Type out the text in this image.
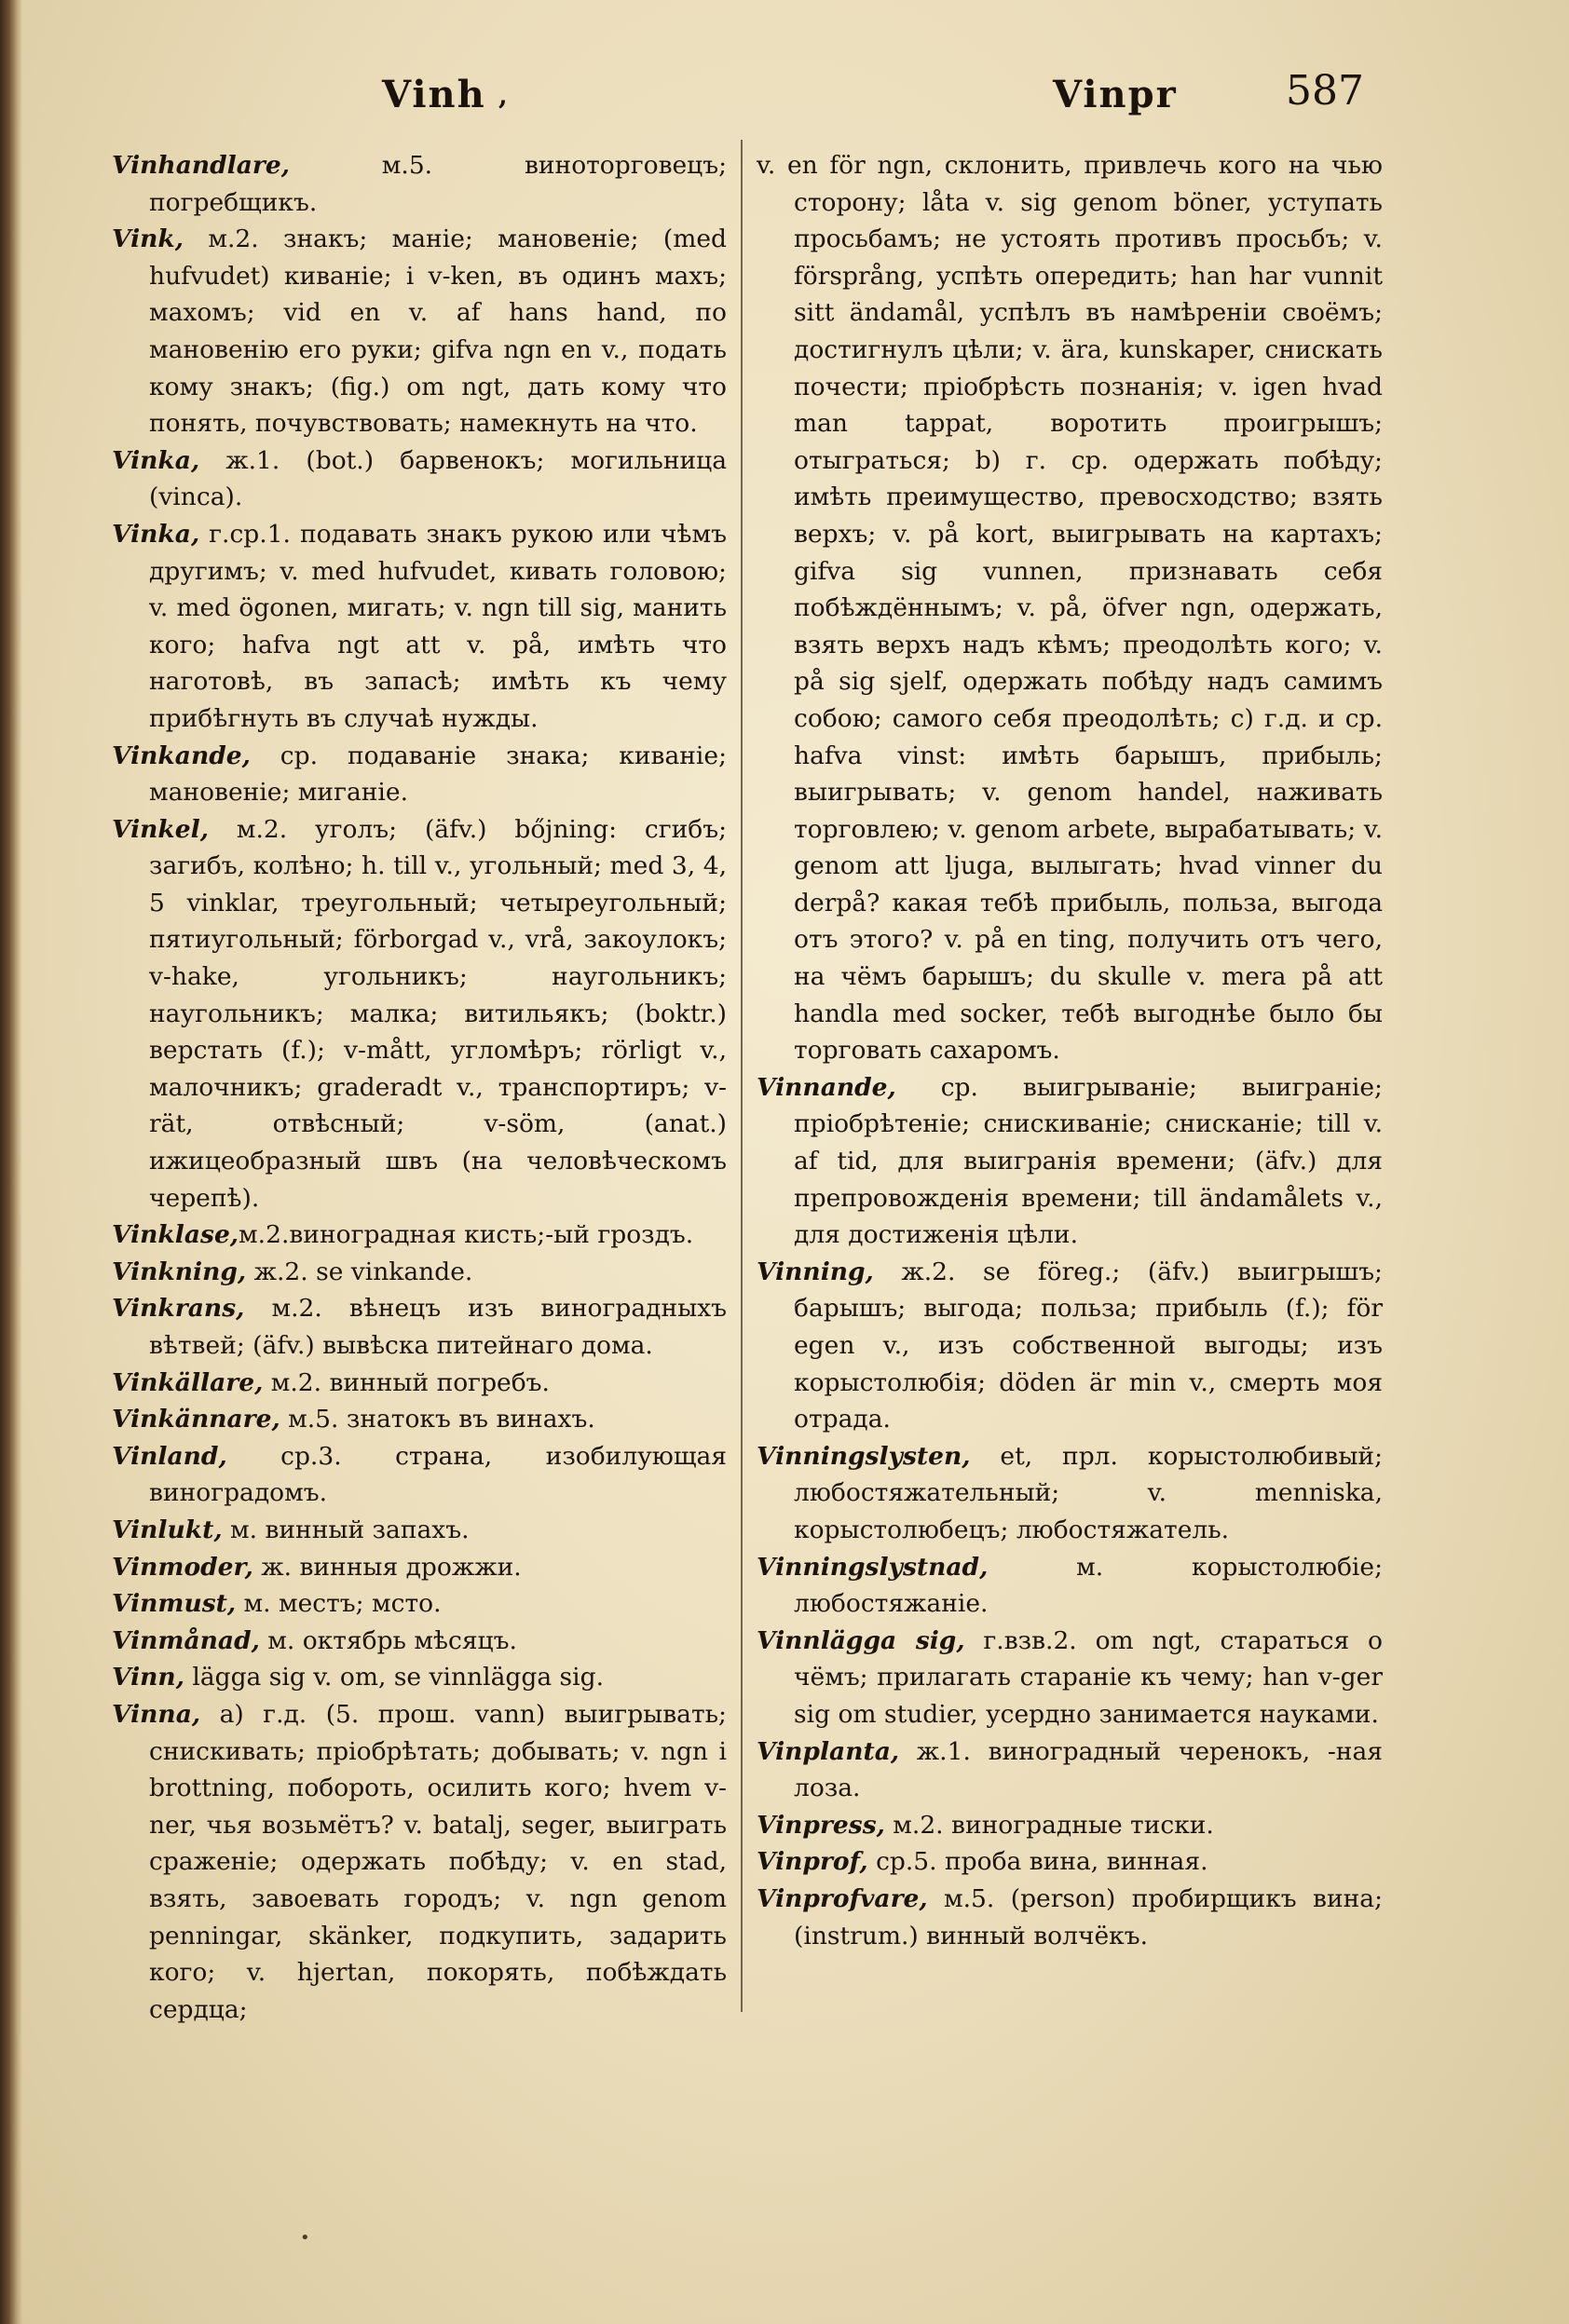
Vinh ,	Vinpr	587

Vinhandlare, м.5. виноторговецъ; погребщикъ.

Vink, м.2. знакъ; маніе; мановеніе; (med hufvudet) киваніе; i v-ken, въ одинъ махъ; махомъ; vid en v. af hans hand, по мановенію его руки; gifva ngn en v., подать кому знакъ; (fig.) om ngt, дать кому что понять, почувствовать; намекнуть на что.

Vinka, ж.1. (bot.) барвенокъ; могильница (vinca).

Vinka, г.ср.1. подавать знакъ рукою или чѣмъ другимъ; v. med hufvudet, кивать головою; v. med ögonen, мигать; v. ngn till sig, манить кого; hafva ngt att v. på, имѣть что наготовѣ, въ запасѣ; имѣть къ чему прибѣгнуть въ случаѣ нужды.

Vinkande, ср. подаваніе знака; киваніе; мановеніе; миганіе.

Vinkel, м.2. уголъ; (äfv.) bőjning: сгибъ; загибъ, колѣно; h. till v., угольный; med 3, 4, 5 vinklar, треугольный; четыреугольный; пятиугольный; förborgad v., vrå, закоулокъ; v-hake, угольникъ; наугольникъ; наугольникъ; малка; витильякъ; (boktr.) верстать (f.); v-mått, угломѣръ; rörligt v., малочникъ; graderadt v., транспортиръ; v-rät, отвѣсный; v-söm, (anat.) ижицеобразный швъ (на человѣческомъ черепѣ).

Vinklase,м.2.виноградная кисть;-ый гроздъ.

Vinkning, ж.2. se vinkande.

Vinkrans, м.2. вѣнецъ изъ виноградныхъ вѣтвей; (äfv.) вывѣска питейнаго дома.

Vinkällare, м.2. винный погребъ.

Vinkännare, м.5. знатокъ въ винахъ.

Vinland, ср.3. страна, изобилующая виноградомъ.

Vinlukt, м. винный запахъ.

Vinmoder, ж. винныя дрожжи.

Vinmust, м. местъ; мсто.

Vinmånad, м. октябрь мѣсяцъ.

Vinn, lägga sig v. om, se vinnlägga sig.

Vinna, а) г.д. (5. прош. vann) выигрывать; снискивать; пріобрѣтать; добывать; v. ngn i brottning, побороть, осилить кого; hvem v-ner, чья возьмётъ? v. batalj, seger, выиграть сраженіе; одержать побѣду; v. en stad, взять, завоевать городъ; v. ngn genom penningar, skänker, подкупить, задарить кого; v. hjertan, покорять, побѣждать сердца;

v. en för ngn, склонить, привлечь кого на чью сторону; låta v. sig genom böner, уступать просьбамъ; не устоять противъ просьбъ; v. försprång, успѣть опередить; han har vunnit sitt ändamål, успѣлъ въ намѣреніи своёмъ; достигнулъ цѣли; v. ära, kunskaper, снискать почести; пріобрѣсть познанія; v. igen hvad man tappat, воротить проигрышъ; отыграться; b) г. ср. одержать побѣду; имѣть преимущество, превосходство; взять верхъ; v. på kort, выигрывать на картахъ; gifva sig vunnen, признавать себя побѣждённымъ; v. på, öfver ngn, одержать, взять верхъ надъ кѣмъ; преодолѣть кого; v. på sig sjelf, одержать побѣду надъ самимъ собою; самого себя преодолѣть; c) г.д. и ср. hafva vinst: имѣть барышъ, прибыль; выигрывать; v. genom handel, наживать торговлею; v. genom arbete, вырабатывать; v. genom att ljuga, вылыгать; hvad vinner du derpå? какая тебѣ прибыль, польза, выгода отъ этого? v. på en ting, получить отъ чего, на чёмъ барышъ; du skulle v. mera på att handla med socker, тебѣ выгоднѣе было бы торговать сахаромъ.

Vinnande, ср. выигрываніе; выиграніе; пріобрѣтеніе; снискиваніе; снисканіе; till v. af tid, для выигранія времени; (äfv.) для препровожденія времени; till ändamålets v., для достиженія цѣли.

Vinning, ж.2. se föreg.; (äfv.) выигрышъ; барышъ; выгода; польза; прибыль (f.); för egen v., изъ собственной выгоды; изъ корыстолюбія; döden är min v., смерть моя отрада.

Vinningslysten, et, прл. корыстолюбивый; любостяжательный; v. menniska, корыстолюбецъ; любостяжатель.

Vinningslystnad, м. корыстолюбіе; любостяжаніе.

Vinnlägga sig, г.взв.2. om ngt, стараться о чёмъ; прилагать стараніе къ чему; han v-ger sig om studier, усердно занимается науками.

Vinplanta, ж.1. виноградный черенокъ, -ная лоза.

Vinpress, м.2. виноградные тиски.

Vinprof, ср.5. проба вина, винная.

Vinprofvare, м.5. (person) пробирщикъ вина; (instrum.) винный волчёкъ.

•
